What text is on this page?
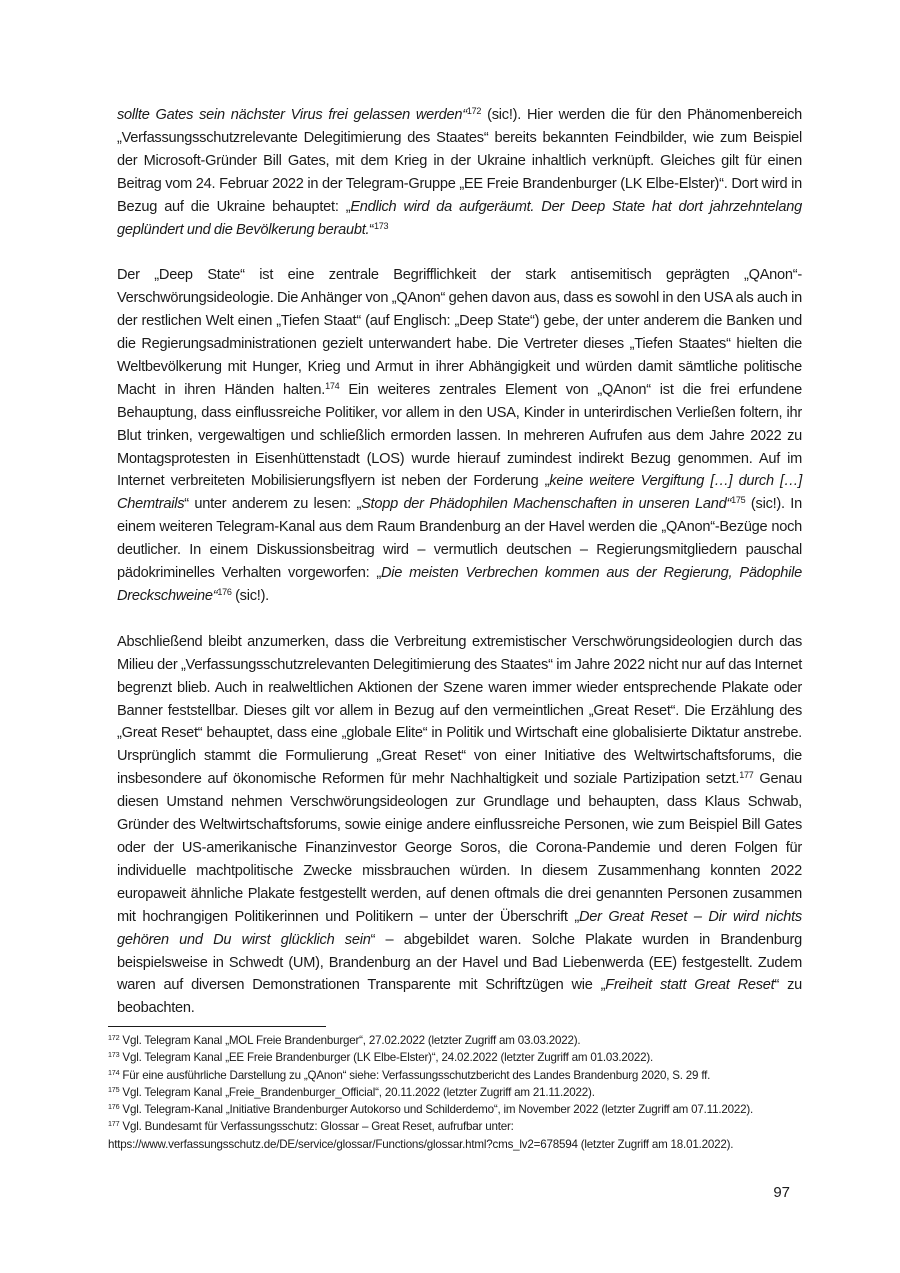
sollte Gates sein nächster Virus frei gelassen werden“$^{172}$ (sic!). Hier werden die für den Phänomenbereich „Verfassungsschutzrelevante Delegitimierung des Staates“ bereits bekannten Feindbilder, wie zum Beispiel der Microsoft-Gründer Bill Gates, mit dem Krieg in der Ukraine inhaltlich verknüpft. Gleiches gilt für einen Beitrag vom 24. Februar 2022 in der Telegram-Gruppe „EE Freie Brandenburger (LK Elbe-Elster)“. Dort wird in Bezug auf die Ukraine behauptet: „Endlich wird da aufgeräumt. Der Deep State hat dort jahrzehntelang geplündert und die Bevölkerung beraubt.“$^{173}$

Der „Deep State“ ist eine zentrale Begrifflichkeit der stark antisemitisch geprägten „QAnon“-Verschwörungsideologie. Die Anhänger von „QAnon“ gehen davon aus, dass es sowohl in den USA als auch in der restlichen Welt einen „Tiefen Staat“ (auf Englisch: „Deep State“) gebe, der unter anderem die Banken und die Regierungsadministrationen gezielt unterwandert habe. Die Vertreter dieses „Tiefen Staates“ hielten die Weltbevölkerung mit Hunger, Krieg und Armut in ihrer Abhängigkeit und würden damit sämtliche politische Macht in ihren Händen halten.$^{174}$ Ein weiteres zentrales Element von „QAnon“ ist die frei erfundene Behauptung, dass einflussreiche Politiker, vor allem in den USA, Kinder in unterirdischen Verließen foltern, ihr Blut trinken, vergewaltigen und schließlich ermorden lassen. In mehreren Aufrufen aus dem Jahre 2022 zu Montagsprotesten in Eisenhüttenstadt (LOS) wurde hierauf zumindest indirekt Bezug genommen. Auf im Internet verbreiteten Mobilisierungsflyern ist neben der Forderung „keine weitere Vergiftung […] durch […] Chemtrails“ unter anderem zu lesen: „Stopp der Phädophilen Machenschaften in unseren Land“$^{175}$ (sic!). In einem weiteren Telegram-Kanal aus dem Raum Brandenburg an der Havel werden die „QAnon“-Bezüge noch deutlicher. In einem Diskussionsbeitrag wird – vermutlich deutschen – Regierungsmitgliedern pauschal pädokriminelles Verhalten vorgeworfen: „Die meisten Verbrechen kommen aus der Regierung, Pädophile Dreckschweine“$^{176}$ (sic!).

Abschließend bleibt anzumerken, dass die Verbreitung extremistischer Verschwörungsideologien durch das Milieu der „Verfassungsschutzrelevanten Delegitimierung des Staates“ im Jahre 2022 nicht nur auf das Internet begrenzt blieb. Auch in realweltlichen Aktionen der Szene waren immer wieder entsprechende Plakate oder Banner feststellbar. Dieses gilt vor allem in Bezug auf den vermeintlichen „Great Reset“. Die Erzählung des „Great Reset“ behauptet, dass eine „globale Elite“ in Politik und Wirtschaft eine globalisierte Diktatur anstrebe. Ursprünglich stammt die Formulierung „Great Reset“ von einer Initiative des Weltwirtschaftsforums, die insbesondere auf ökonomische Reformen für mehr Nachhaltigkeit und soziale Partizipation setzt.$^{177}$ Genau diesen Umstand nehmen Verschwörungsideologen zur Grundlage und behaupten, dass Klaus Schwab, Gründer des Weltwirtschaftsforums, sowie einige andere einflussreiche Personen, wie zum Beispiel Bill Gates oder der US-amerikanische Finanzinvestor George Soros, die Corona-Pandemie und deren Folgen für individuelle machtpolitische Zwecke missbrauchen würden. In diesem Zusammenhang konnten 2022 europaweit ähnliche Plakate festgestellt werden, auf denen oftmals die drei genannten Personen zusammen mit hochrangigen Politikerinnen und Politikern – unter der Überschrift „Der Great Reset – Dir wird nichts gehören und Du wirst glücklich sein“ – abgebildet waren. Solche Plakate wurden in Brandenburg beispielsweise in Schwedt (UM), Brandenburg an der Havel und Bad Liebenwerda (EE) festgestellt. Zudem waren auf diversen Demonstrationen Transparente mit Schriftzügen wie „Freiheit statt Great Reset“ zu beobachten.

$^{172}$ Vgl. Telegram Kanal „MOL Freie Brandenburger“, 27.02.2022 (letzter Zugriff am 03.03.2022).
$^{173}$ Vgl. Telegram Kanal „EE Freie Brandenburger (LK Elbe-Elster)“, 24.02.2022 (letzter Zugriff am 01.03.2022).
$^{174}$ Für eine ausführliche Darstellung zu „QAnon“ siehe: Verfassungsschutzbericht des Landes Brandenburg 2020, S. 29 ff.
$^{175}$ Vgl. Telegram Kanal „Freie_Brandenburger_Official“, 20.11.2022 (letzter Zugriff am 21.11.2022).
$^{176}$ Vgl. Telegram-Kanal „Initiative Brandenburger Autokorso und Schilderdemo“, im November 2022 (letzter Zugriff am 07.11.2022).
$^{177}$ Vgl. Bundesamt für Verfassungsschutz: Glossar – Great Reset, aufrufbar unter: https://www.verfassungsschutz.de/DE/service/glossar/Functions/glossar.html?cms_lv2=678594 (letzter Zugriff am 18.01.2022).
97
